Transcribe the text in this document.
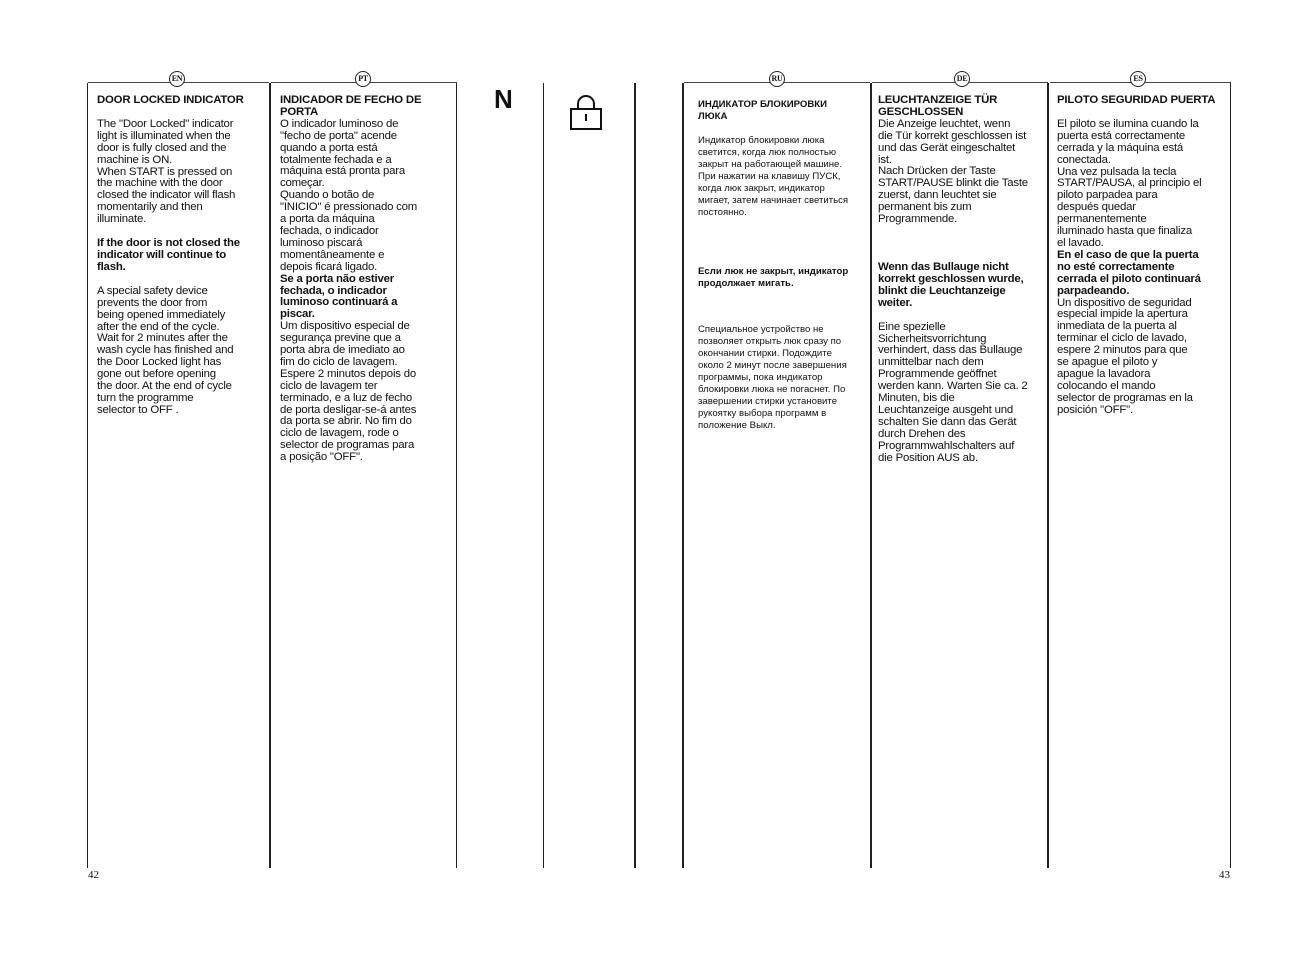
EN	PT	RU	DE	ES
N

DOOR LOCKED INDICATOR

The "Door Locked" indicator
light is illuminated when the
door is fully closed and the
machine is ON.
When START is pressed on
the machine with the door
closed the indicator will flash
momentarily and then
illuminate.

If the door is not closed the
indicator will continue to
flash.

A special safety device
prevents the door from
being opened immediately
after the end of the cycle.
Wait for 2 minutes after the
wash cycle has finished and
the Door Locked light has
gone out before opening
the door. At the end of cycle
turn the programme
selector to OFF .

INDICADOR DE FECHO DE
PORTA

O indicador luminoso de
"fecho de porta" acende
quando a porta está
totalmente fechada e a
máquina está pronta para
começar.
Quando o botão de
"INICIO" é pressionado com
a porta da máquina
fechada, o indicador
luminoso piscará
momentâneamente e
depois ficará ligado.

Se a porta não estiver
fechada, o indicador
luminoso continuará a
piscar.

Um dispositivo especial de
segurança previne que a
porta abra de imediato ao
fim do ciclo de lavagem.
Espere 2 minutos depois do
ciclo de lavagem ter
terminado, e a luz de fecho
de porta desligar-se-á antes
da porta se abrir. No fim do
ciclo de lavagem, rode o
selector de programas para
a posição "OFF".

ИНДИКАТОР БЛОКИРОВКИ
ЛЮКА

Индикатор блокировки люка
светится, когда люк полностью
закрыт на работающей машине.
При нажатии на клавишу ПУСК,
когда люк закрыт, индикатор
мигает, затем начинает светиться
постоянно.

Если люк не закрыт, индикатор
продолжает мигать.

Специальное устройство не
позволяет открыть люк сразу по
окончании стирки. Подождите
около 2 минут после завершения
программы, пока индикатор
блокировки люка не погаснет. По
завершении стирки установите
рукоятку выбора программ в
положение Выкл.

LEUCHTANZEIGE TÜR
GESCHLOSSEN

Die Anzeige leuchtet, wenn
die Tür korrekt geschlossen ist
und das Gerät eingeschaltet
ist.
Nach Drücken der Taste
START/PAUSE blinkt die Taste
zuerst, dann leuchtet sie
permanent bis zum
Programmende.

Wenn das Bullauge nicht
korrekt geschlossen wurde,
blinkt die Leuchtanzeige
weiter.

Eine spezielle
Sicherheitsvorrichtung
verhindert, dass das Bullauge
unmittelbar nach dem
Programmende geöffnet
werden kann. Warten Sie ca. 2
Minuten, bis die
Leuchtanzeige ausgeht und
schalten Sie dann das Gerät
durch Drehen des
Programmwahlschalters auf
die Position AUS ab.

PILOTO SEGURIDAD PUERTA

El piloto se ilumina cuando la
puerta está correctamente
cerrada y la máquina está
conectada.
Una vez pulsada la tecla
START/PAUSA, al principio el
piloto parpadea para
después quedar
permanentemente
iluminado hasta que finaliza
el lavado.

En el caso de que la puerta
no esté correctamente
cerrada el piloto continuará
parpadeando.

Un dispositivo de seguridad
especial impide la apertura
inmediata de la puerta al
terminar el ciclo de lavado,
espere 2 minutos para que
se apague el piloto y
apague la lavadora
colocando el mando
selector de programas en la
posición "OFF".

42	43
